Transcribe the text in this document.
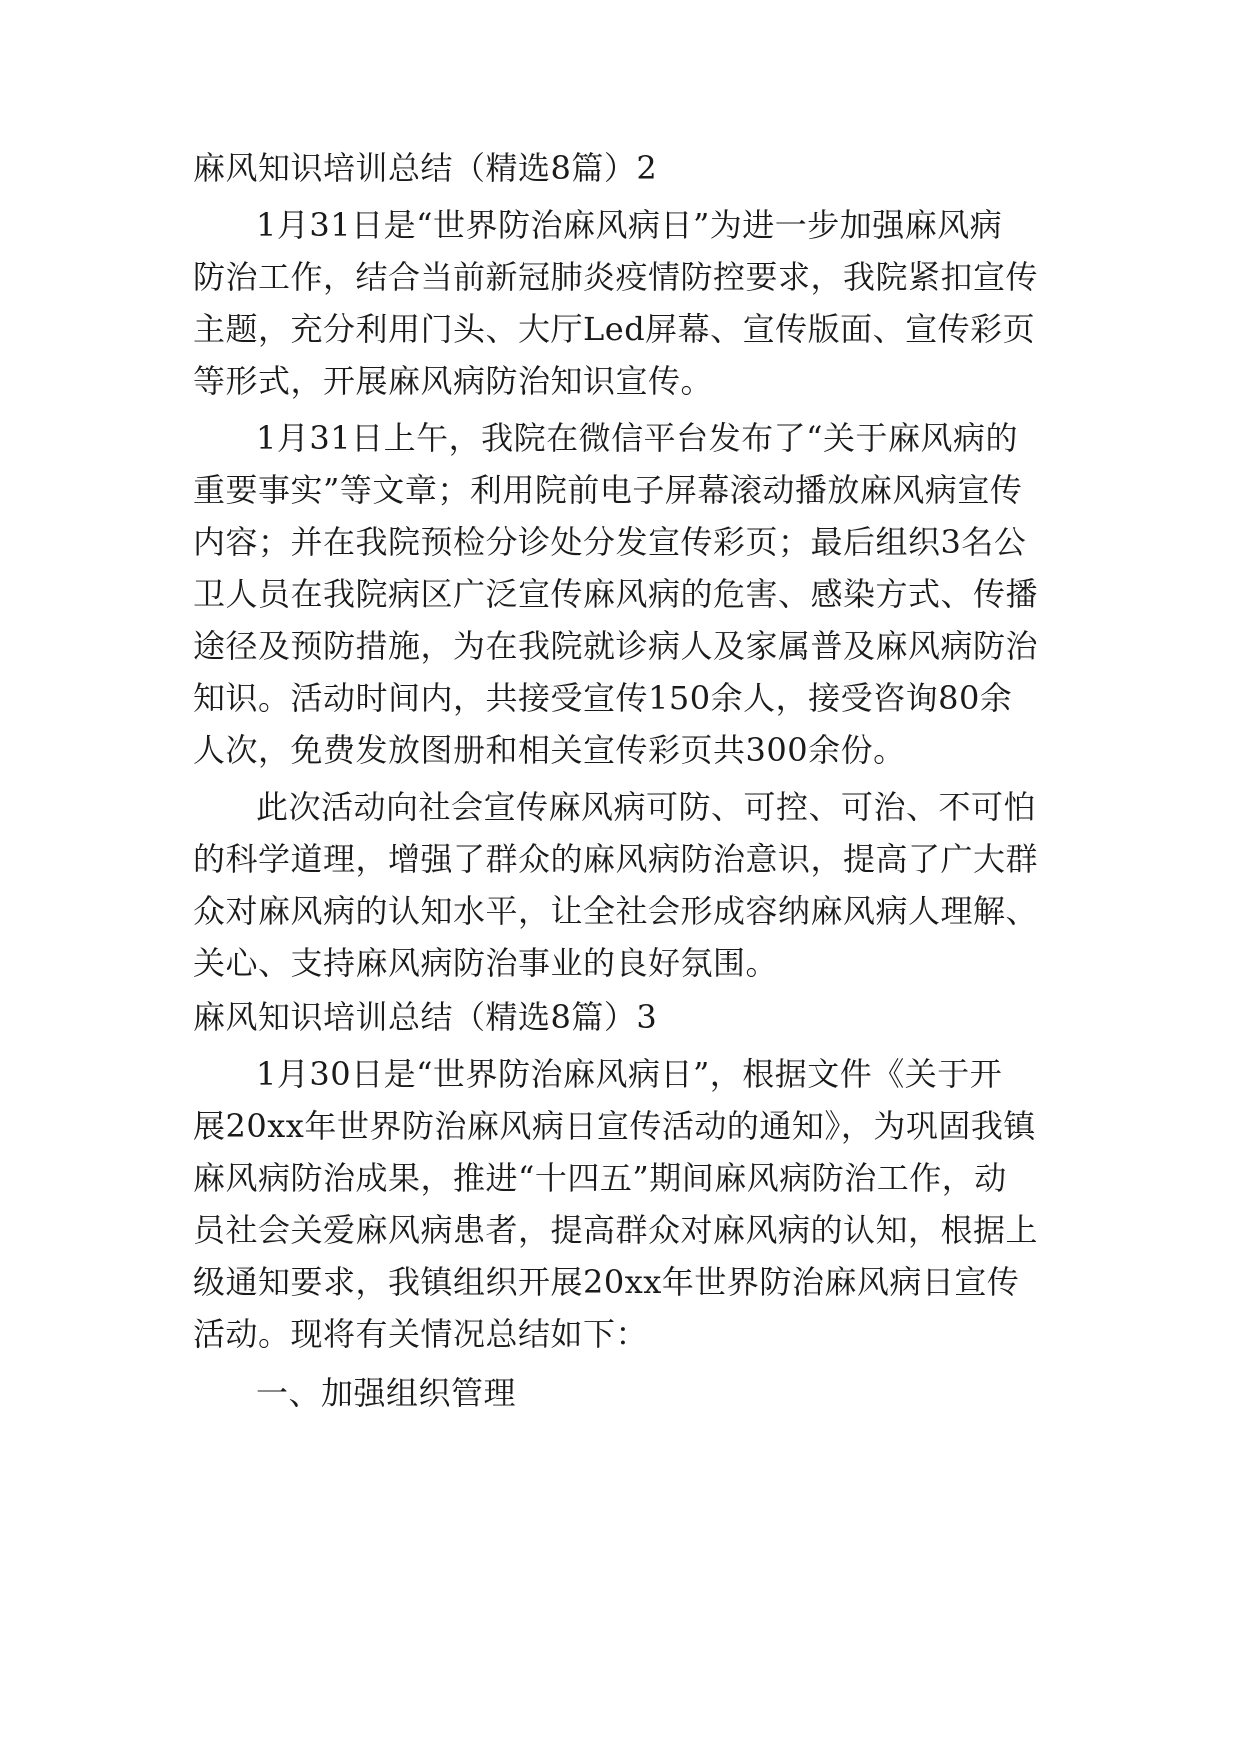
麻风知识培训总结（精选8篇）2
1月31日是“世界防治麻风病日”为进一步加强麻风病
防治工作，结合当前新冠肺炎疫情防控要求，我院紧扣宣传
主题，充分利用门头、大厅Led屏幕、宣传版面、宣传彩页
等形式，开展麻风病防治知识宣传。
1月31日上午，我院在微信平台发布了“关于麻风病的
重要事实”等文章；利用院前电子屏幕滚动播放麻风病宣传
内容；并在我院预检分诊处分发宣传彩页；最后组织3名公
卫人员在我院病区广泛宣传麻风病的危害、感染方式、传播
途径及预防措施，为在我院就诊病人及家属普及麻风病防治
知识。活动时间内，共接受宣传150余人，接受咨询80余
人次，免费发放图册和相关宣传彩页共300余份。
此次活动向社会宣传麻风病可防、可控、可治、不可怕
的科学道理，增强了群众的麻风病防治意识，提高了广大群
众对麻风病的认知水平，让全社会形成容纳麻风病人理解、
关心、支持麻风病防治事业的良好氛围。
麻风知识培训总结（精选8篇）3
1月30日是“世界防治麻风病日”，根据文件《关于开
展20xx年世界防治麻风病日宣传活动的通知》，为巩固我镇
麻风病防治成果，推进“十四五”期间麻风病防治工作，动
员社会关爱麻风病患者，提高群众对麻风病的认知，根据上
级通知要求，我镇组织开展20xx年世界防治麻风病日宣传
活动。现将有关情况总结如下：
一、加强组织管理
